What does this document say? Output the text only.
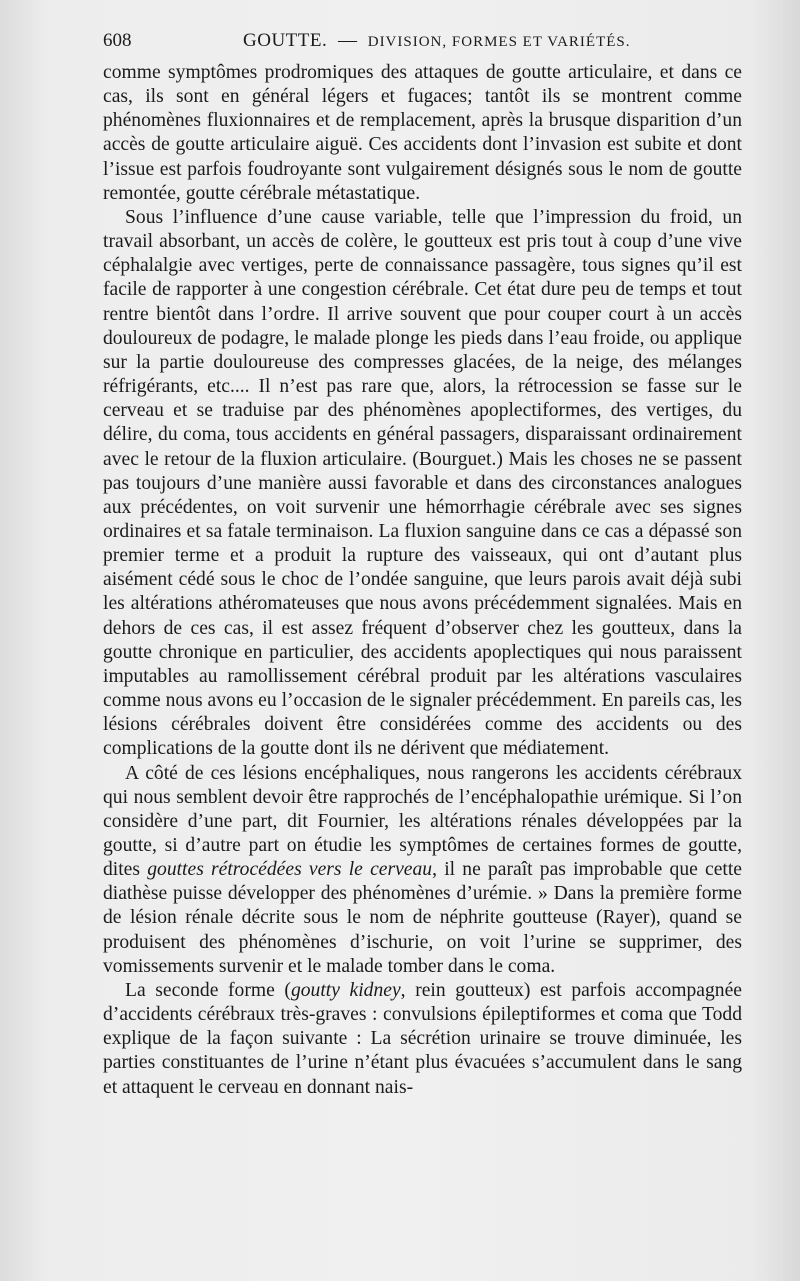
608	GOUTTE. — DIVISION, FORMES ET VARIÉTÉS.

comme symptômes prodromiques des attaques de goutte articulaire, et dans ce cas, ils sont en général légers et fugaces; tantôt ils se montrent comme phénomènes fluxionnaires et de remplacement, après la brusque disparition d’un accès de goutte articulaire aiguë. Ces accidents dont l’invasion est subite et dont l’issue est parfois foudroyante sont vulgairement désignés sous le nom de goutte remontée, goutte cérébrale métastatique.

Sous l’influence d’une cause variable, telle que l’impression du froid, un travail absorbant, un accès de colère, le goutteux est pris tout à coup d’une vive céphalalgie avec vertiges, perte de connaissance passagère, tous signes qu’il est facile de rapporter à une congestion cérébrale. Cet état dure peu de temps et tout rentre bientôt dans l’ordre. Il arrive souvent que pour couper court à un accès douloureux de podagre, le malade plonge les pieds dans l’eau froide, ou applique sur la partie douloureuse des compresses glacées, de la neige, des mélanges réfrigérants, etc.... Il n’est pas rare que, alors, la rétrocession se fasse sur le cerveau et se traduise par des phénomènes apoplectiformes, des vertiges, du délire, du coma, tous accidents en général passagers, disparaissant ordinairement avec le retour de la fluxion articulaire. (Bourguet.) Mais les choses ne se passent pas toujours d’une manière aussi favorable et dans des circonstances analogues aux précédentes, on voit survenir une hémorrhagie cérébrale avec ses signes ordinaires et sa fatale terminaison. La fluxion sanguine dans ce cas a dépassé son premier terme et a produit la rupture des vaisseaux, qui ont d’autant plus aisément cédé sous le choc de l’ondée sanguine, que leurs parois avait déjà subi les altérations athéromateuses que nous avons précédemment signalées. Mais en dehors de ces cas, il est assez fréquent d’observer chez les goutteux, dans la goutte chronique en particulier, des accidents apoplectiques qui nous paraissent imputables au ramollissement cérébral produit par les altérations vasculaires comme nous avons eu l’occasion de le signaler précédemment. En pareils cas, les lésions cérébrales doivent être considérées comme des accidents ou des complications de la goutte dont ils ne dérivent que médiatement.

A côté de ces lésions encéphaliques, nous rangerons les accidents cérébraux qui nous semblent devoir être rapprochés de l’encéphalopathie urémique. Si l’on considère d’une part, dit Fournier, les altérations rénales développées par la goutte, si d’autre part on étudie les symptômes de certaines formes de goutte, dites gouttes rétrocédées vers le cerveau, il ne paraît pas improbable que cette diathèse puisse développer des phénomènes d’urémie. » Dans la première forme de lésion rénale décrite sous le nom de néphrite goutteuse (Rayer), quand se produisent des phénomènes d’ischurie, on voit l’urine se supprimer, des vomissements survenir et le malade tomber dans le coma.

La seconde forme (goutty kidney, rein goutteux) est parfois accompagnée d’accidents cérébraux très-graves : convulsions épileptiformes et coma que Todd explique de la façon suivante : La sécrétion urinaire se trouve diminuée, les parties constituantes de l’urine n’étant plus évacuées s’accumulent dans le sang et attaquent le cerveau en donnant nais-
